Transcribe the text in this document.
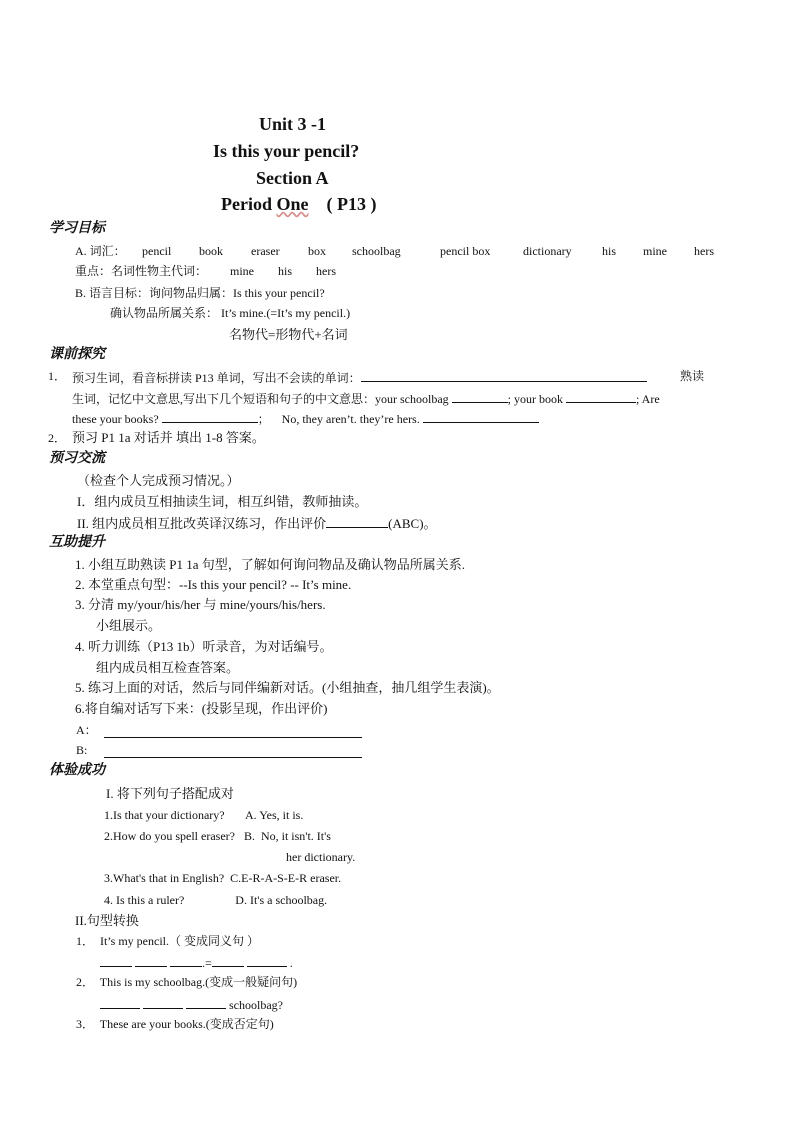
Unit 3 -1
Is this your pencil?
Section A
Period One ( P13 )
学习目标
A. 词汇： pencil book eraser box schoolbag	pencil box	dictionary	his mine hers
重点：名词性物主代词： mine his hers
B. 语言目标：询问物品归属：Is this your pencil?
确认物品所属关系： It’s mine.(=It’s my pencil.)
名物代=形物代+名词
课前探究
1． 预习生词，看音标拼读 P13 单词，写出不会读的单词：	熟读
生词，记忆中文意思,写出下几个短语和句子的中文意思：your schoolbag	; your book	; Are
these your books?	； No, they aren’t. they’re hers.
2． 预习 P1 1a 对话并 填出 1-8 答案。
预习交流
（检查个人完成预习情况。）
I．组内成员互相抽读生词，相互纠错，教师抽读。
II. 组内成员相互批改英译汉练习，作出评价	(ABC)。
互助提升
1. 小组互助熟读 P1 1a 句型，了解如何询问物品及确认物品所属关系.
2. 本堂重点句型：--Is this your pencil? -- It’s mine.
3. 分清 my/your/his/her 与 mine/yours/his/hers.
小组展示。
4. 听力训练（P13 1b）听录音，为对话编号。
组内成员相互检查答案。
5. 练习上面的对话，然后与同伴编新对话。(小组抽查，抽几组学生表演)。
6.将自编对话写下来：(投影呈现，作出评价)
A：
B:
体验成功
I. 将下列句子搭配成对
1.Is that your dictionary?       A. Yes, it is.
2.How do you spell eraser?   B.  No, it isn't. It's
her dictionary.
3.What's that in English?  C.E-R-A-S-E-R eraser.
4. Is this a ruler?                 D. It's a schoolbag.
II.句型转换
1．  It’s my pencil.（ 变成同义句 ）
.=	.
2．  This is my schoolbag.(变成一般疑问句)
schoolbag?
3．  These are your books.(变成否定句)
